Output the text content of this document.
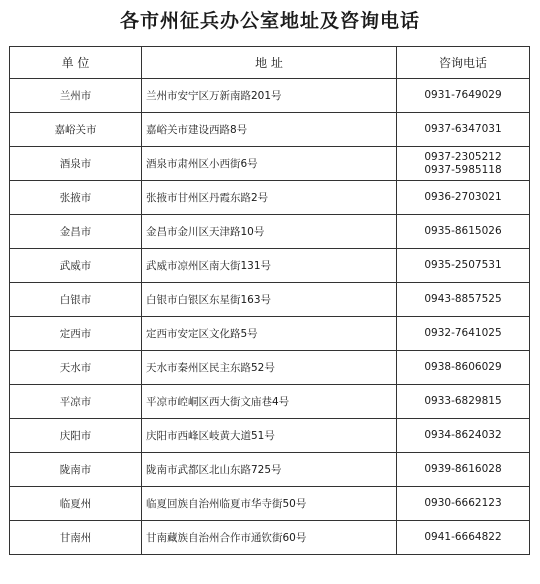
各市州征兵办公室地址及咨询电话
单 位	地 址	咨询电话
兰州市	兰州市安宁区万新南路201号	0931-7649029

嘉峪关市	嘉峪关市建设西路8号	0937-6347031

酒泉市	酒泉市肃州区小西街6号	0937-2305212
0937-5985118

张掖市	张掖市甘州区丹霞东路2号	0936-2703021

金昌市	金昌市金川区天津路10号	0935-8615026

武威市	武威市凉州区南大街131号	0935-2507531

白银市	白银市白银区东星街163号	0943-8857525

定西市	定西市安定区文化路5号	0932-7641025

天水市	天水市秦州区民主东路52号	0938-8606029

平凉市	平凉市崆峒区西大街文庙巷4号	0933-6829815

庆阳市	庆阳市西峰区岐黄大道51号	0934-8624032

陇南市	陇南市武都区北山东路725号	0939-8616028

临夏州	临夏回族自治州临夏市华寺街50号	0930-6662123

甘南州	甘南藏族自治州合作市通钦街60号	0941-6664822
